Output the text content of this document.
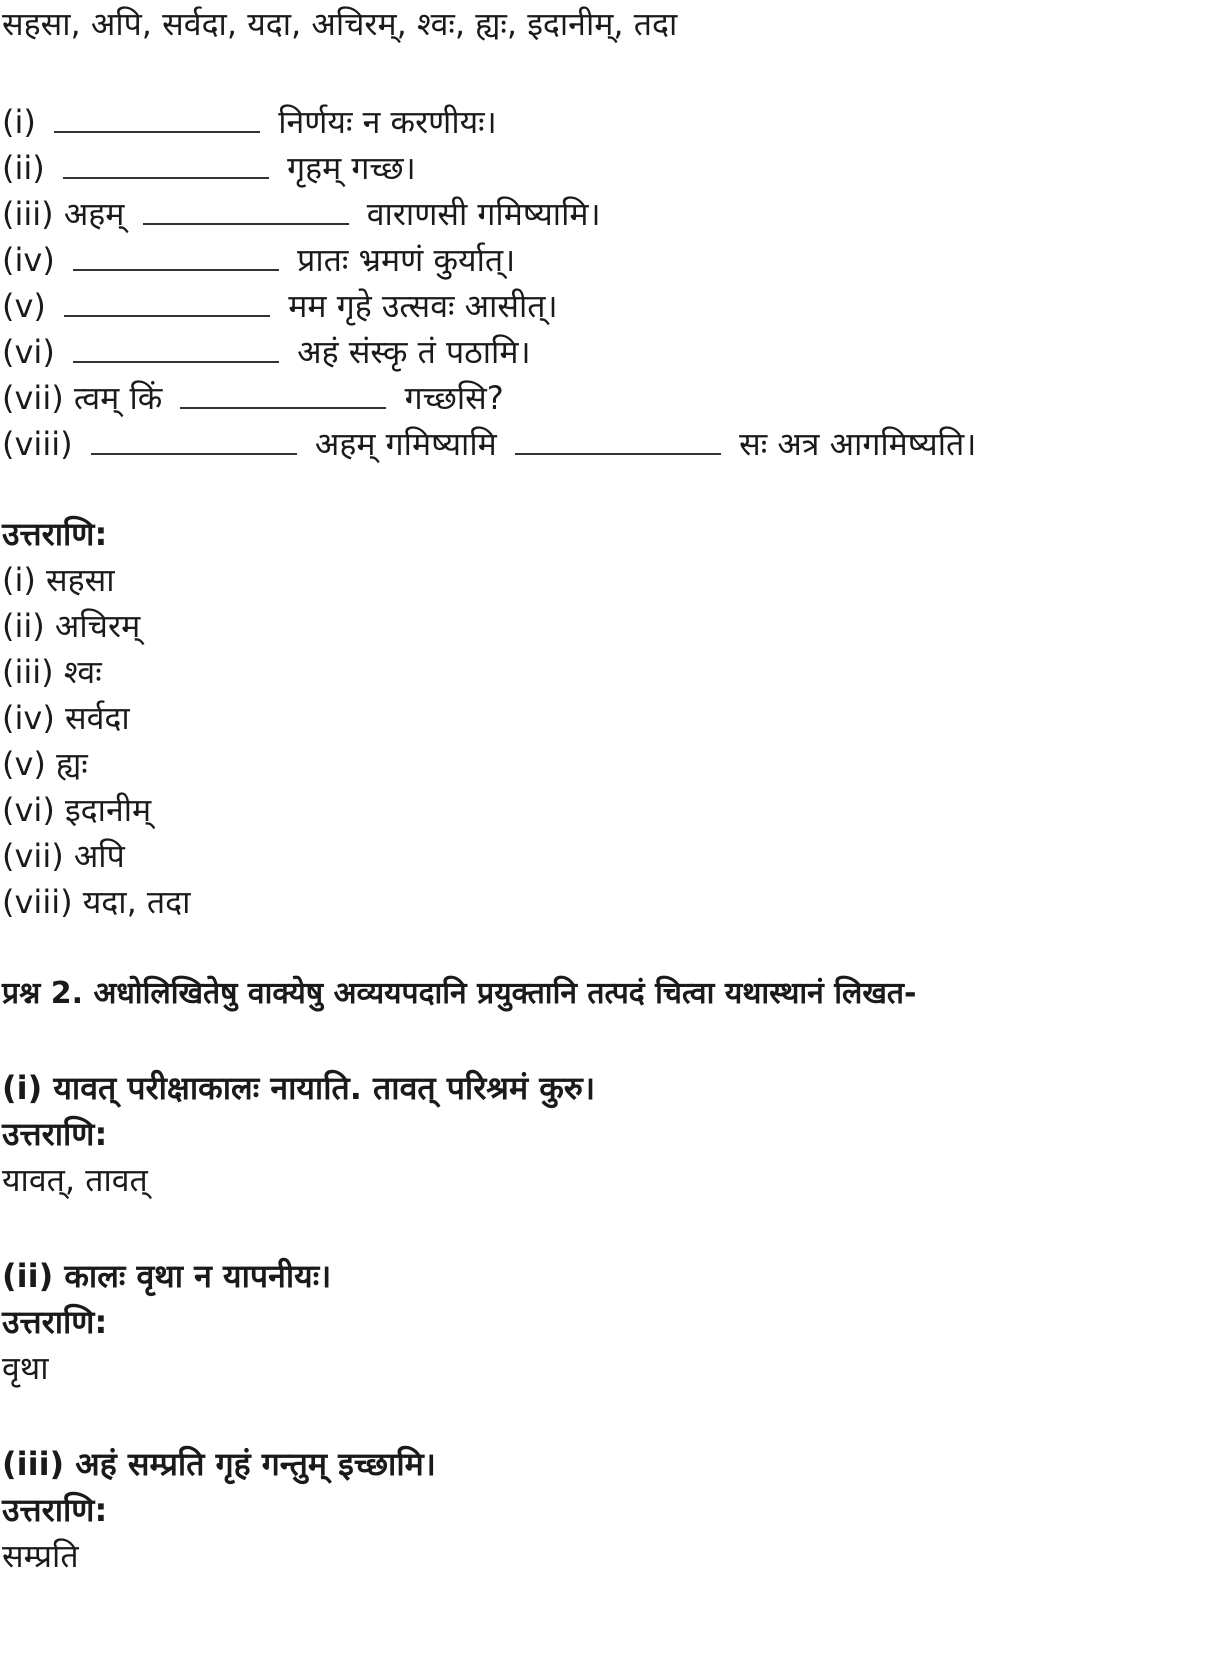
सहसा, अपि, सर्वदा, यदा, अचिरम्, श्वः, ह्यः, इदानीम्, तदा
(i)	निर्णयः न करणीयः।
(ii)	गृहम् गच्छ।
(iii) अहम्	वाराणसी गमिष्यामि।
(iv)	प्रातः भ्रमणं कुर्यात्।
(v)	मम गृहे उत्सवः आसीत्।
(vi)	अहं संस्कृ तं पठामि।
(vii) त्वम् किं	गच्छसि?
(viii)	अहम् गमिष्यामि	सः अत्र आगमिष्यति।
उत्तराणि:
(i) सहसा
(ii) अचिरम्
(iii) श्वः
(iv) सर्वदा
(v) ह्यः
(vi) इदानीम्
(vii) अपि
(viii) यदा, तदा
प्रश्न 2. अधोलिखितेषु वाक्येषु अव्ययपदानि प्रयुक्तानि तत्पदं चित्वा यथास्थानं लिखत-
(i) यावत् परीक्षाकालः नायाति. तावत् परिश्रमं कुरु।
उत्तराणि:
यावत्, तावत्
(ii) कालः वृथा न यापनीयः।
उत्तराणि:
वृथा
(iii) अहं सम्प्रति गृहं गन्तुम् इच्छामि।
उत्तराणि:
सम्प्रति
